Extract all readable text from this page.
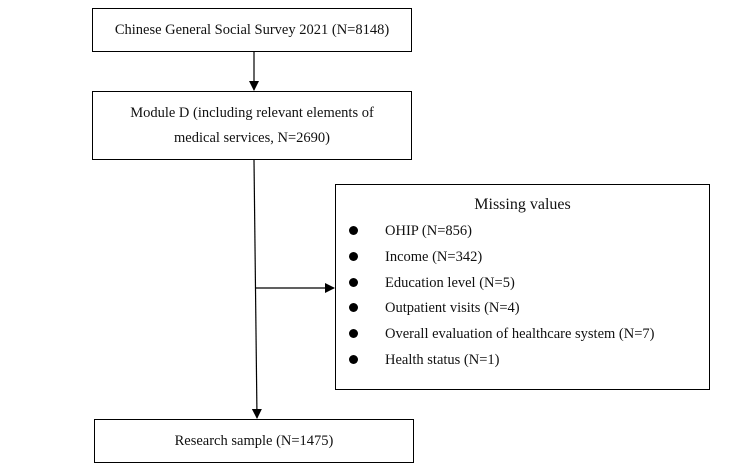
Chinese General Social Survey 2021 (N=8148)
Module D (including relevant elements of medical services, N=2690)
Missing values
OHIP (N=856)
Income (N=342)
Education level (N=5)
Outpatient visits (N=4)
Overall evaluation of healthcare system (N=7)
Health status (N=1)
Research sample (N=1475)
